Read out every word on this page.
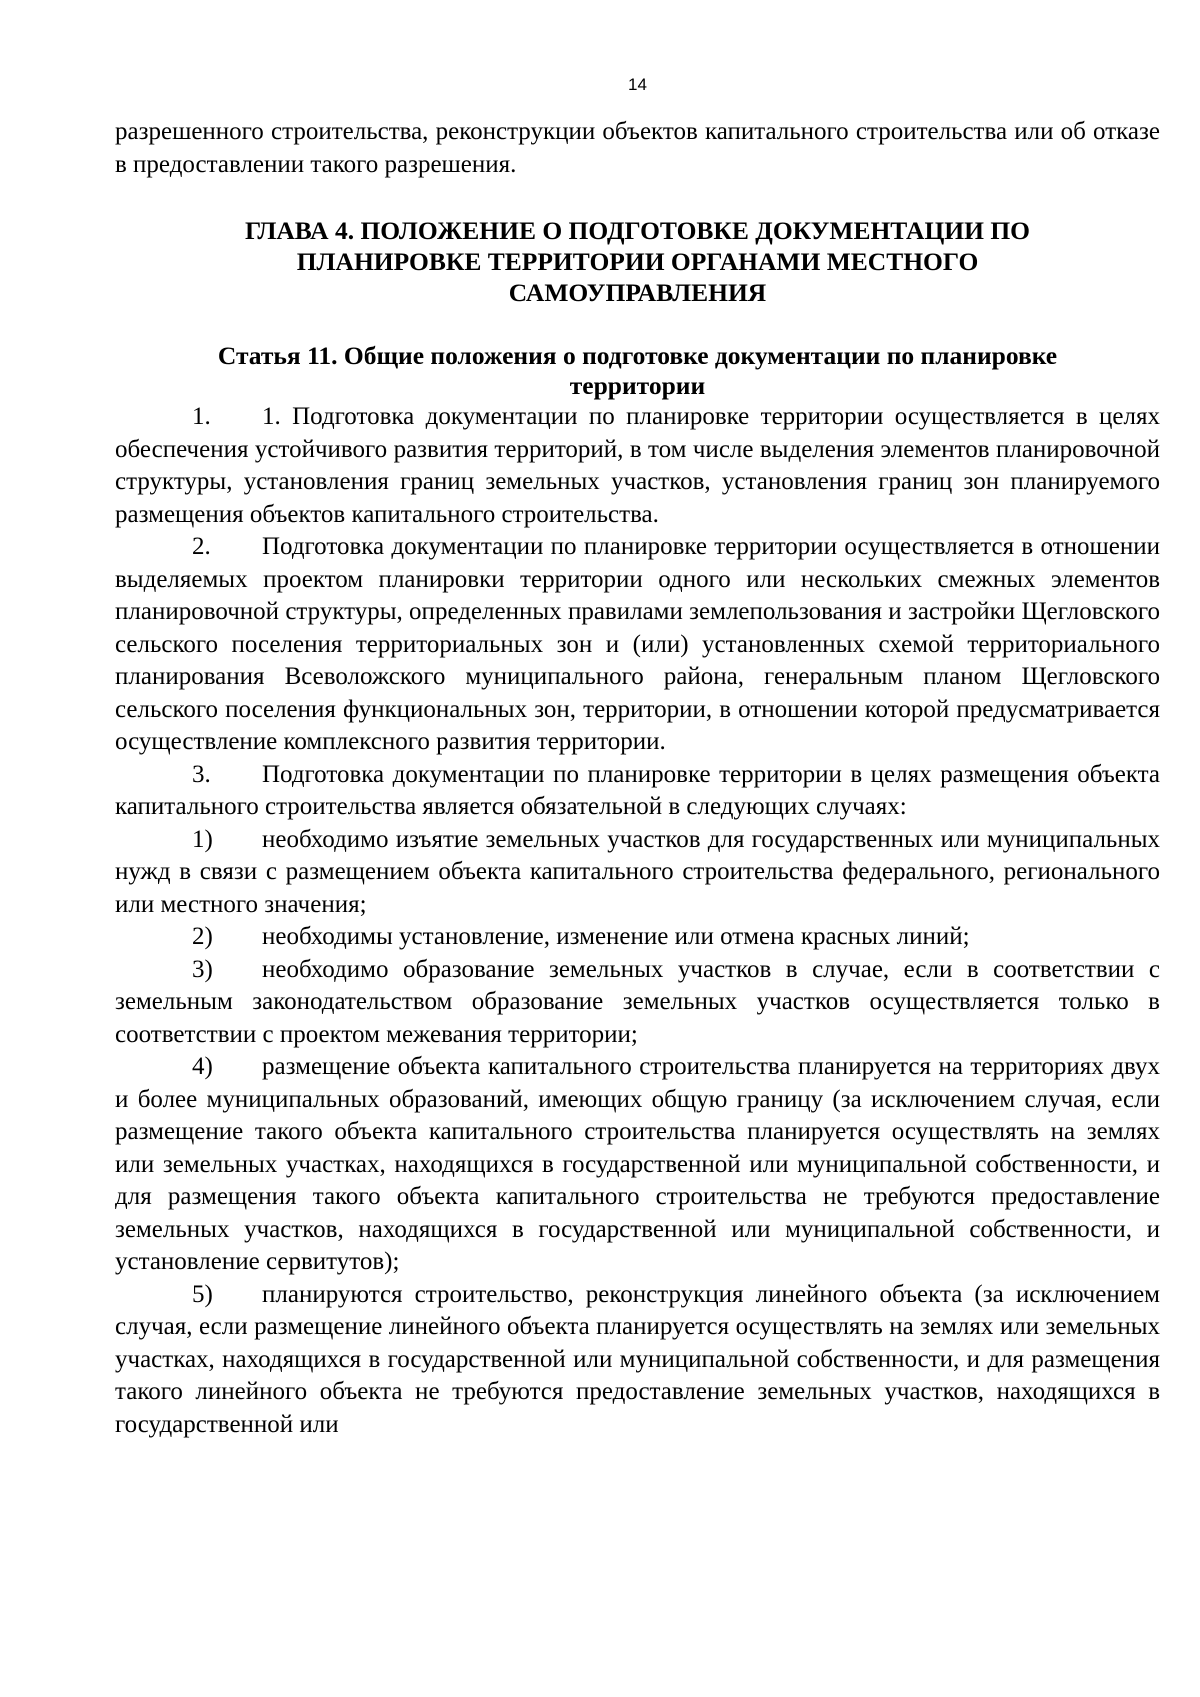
14

разрешенного строительства, реконструкции объектов капитального строительства или об отказе в предоставлении такого разрешения.

ГЛАВА 4. ПОЛОЖЕНИЕ О ПОДГОТОВКЕ ДОКУМЕНТАЦИИ ПО
ПЛАНИРОВКЕ ТЕРРИТОРИИ ОРГАНАМИ МЕСТНОГО
САМОУПРАВЛЕНИЯ
Статья 11. Общие положения о подготовке документации по планировке
территории

1. 1. Подготовка документации по планировке территории осуществляется в целях обеспечения устойчивого развития территорий, в том числе выделения элементов планировочной структуры, установления границ земельных участков, установления границ зон планируемого размещения объектов капитального строительства.

2. Подготовка документации по планировке территории осуществляется в отношении выделяемых проектом планировки территории одного или нескольких смежных элементов планировочной структуры, определенных правилами землепользования и застройки Щегловского сельского поселения территориальных зон и (или) установленных схемой территориального планирования Всеволожского муниципального района, генеральным планом Щегловского сельского поселения функциональных зон, территории, в отношении которой предусматривается осуществление комплексного развития территории.

3. Подготовка документации по планировке территории в целях размещения объекта капитального строительства является обязательной в следующих случаях:

1) необходимо изъятие земельных участков для государственных или муниципальных нужд в связи с размещением объекта капитального строительства федерального, регионального или местного значения;

2) необходимы установление, изменение или отмена красных линий;

3) необходимо образование земельных участков в случае, если в соответствии с земельным законодательством образование земельных участков осуществляется только в соответствии с проектом межевания территории;

4) размещение объекта капитального строительства планируется на территориях двух и более муниципальных образований, имеющих общую границу (за исключением случая, если размещение такого объекта капитального строительства планируется осуществлять на землях или земельных участках, находящихся в государственной или муниципальной собственности, и для размещения такого объекта капитального строительства не требуются предоставление земельных участков, находящихся в государственной или муниципальной собственности, и установление сервитутов);

5) планируются строительство, реконструкция линейного объекта (за исключением случая, если размещение линейного объекта планируется осуществлять на землях или земельных участках, находящихся в государственной или муниципальной собственности, и для размещения такого линейного объекта не требуются предоставление земельных участков, находящихся в государственной или
